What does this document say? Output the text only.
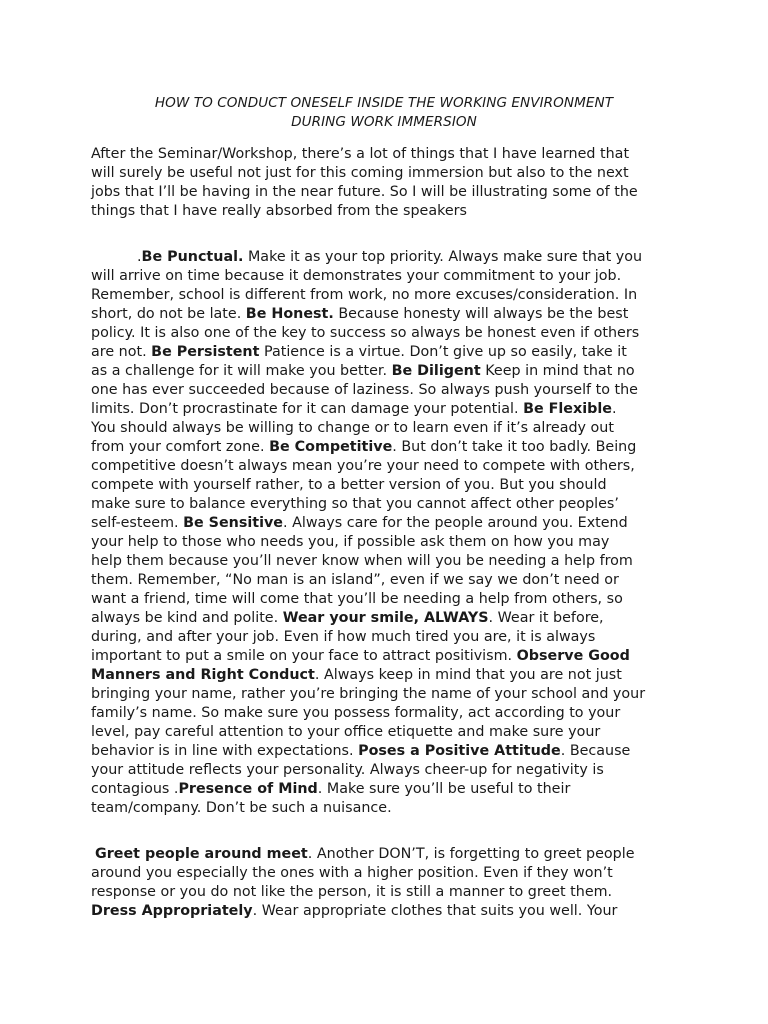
HOW TO CONDUCT ONESELF INSIDE THE WORKING ENVIRONMENT
DURING WORK IMMERSION
After the Seminar/Workshop, there’s a lot of things that I have learned that
will surely be useful not just for this coming immersion but also to the next
jobs that I’ll be having in the near future. So I will be illustrating some of the
things that I have really absorbed from the speakers
.Be Punctual. Make it as your top priority. Always make sure that you
will arrive on time because it demonstrates your commitment to your job.
Remember, school is different from work, no more excuses/consideration. In
short, do not be late. Be Honest. Because honesty will always be the best
policy. It is also one of the key to success so always be honest even if others
are not. Be Persistent Patience is a virtue. Don’t give up so easily, take it
as a challenge for it will make you better. Be Diligent Keep in mind that no
one has ever succeeded because of laziness. So always push yourself to the
limits. Don’t procrastinate for it can damage your potential. Be Flexible.
You should always be willing to change or to learn even if it’s already out
from your comfort zone. Be Competitive. But don’t take it too badly. Being
competitive doesn’t always mean you’re your need to compete with others,
compete with yourself rather, to a better version of you. But you should
make sure to balance everything so that you cannot affect other peoples’
self-esteem. Be Sensitive. Always care for the people around you. Extend
your help to those who needs you, if possible ask them on how you may
help them because you’ll never know when will you be needing a help from
them. Remember, “No man is an island”, even if we say we don’t need or
want a friend, time will come that you’ll be needing a help from others, so
always be kind and polite. Wear your smile, ALWAYS. Wear it before,
during, and after your job. Even if how much tired you are, it is always
important to put a smile on your face to attract positivism. Observe Good
Manners and Right Conduct. Always keep in mind that you are not just
bringing your name, rather you’re bringing the name of your school and your
family’s name. So make sure you possess formality, act according to your
level, pay careful attention to your office etiquette and make sure your
behavior is in line with expectations. Poses a Positive Attitude. Because
your attitude reflects your personality. Always cheer-up for negativity is
contagious .Presence of Mind. Make sure you’ll be useful to their
team/company. Don’t be such a nuisance.
Greet people around meet. Another DON’T, is forgetting to greet people
around you especially the ones with a higher position. Even if they won’t
response or you do not like the person, it is still a manner to greet them.
Dress Appropriately. Wear appropriate clothes that suits you well. Your
